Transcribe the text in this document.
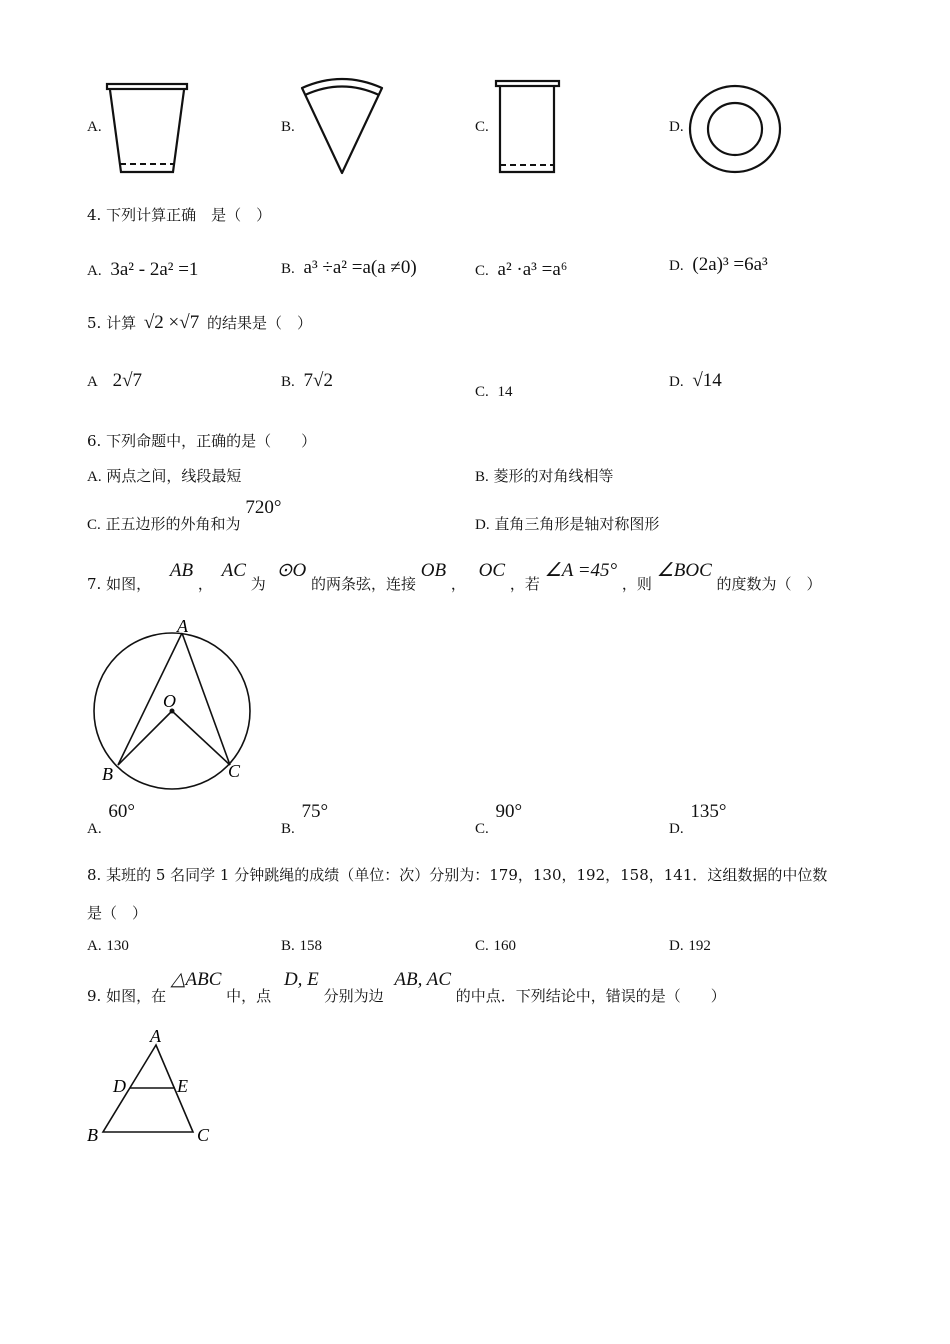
A.	B.	C.	D.
4. 下列计算正确　是（　）
A. 3a² - 2a² =1	B. a³ ÷a² =a(a ≠0)	C. a² ·a³ =a⁶	D. (2a)³ =6a³
5. 计算 √2 ×√7 的结果是（　）
A 2√7	B. 7√2
C. 14
D. √14
6. 下列命题中，正确的是（　　）
A. 两点之间，线段最短	B. 菱形的对角线相等
C. 正五边形的外角和为 720°
D. 直角三角形是轴对称图形
7. 如图， AB ， AC 为 ⊙O 的两条弦，连接 OB ， OC ，若 ∠A =45° ，则 ∠BOC 的度数为（　）
A
O
B	C
A. 60°
B. 75°
C. 90°
D. 135°
8. 某班的 5 名同学 1 分钟跳绳的成绩（单位：次）分别为：179，130，192，158，141．这组数据的中位数
是（　）
A. 130	B. 158	C. 160	D. 192
9. 如图，在 △ABC 中，点 D, E 分别为边 AB, AC 的中点．下列结论中，错误的是（　　）
A
D	E
B	C
